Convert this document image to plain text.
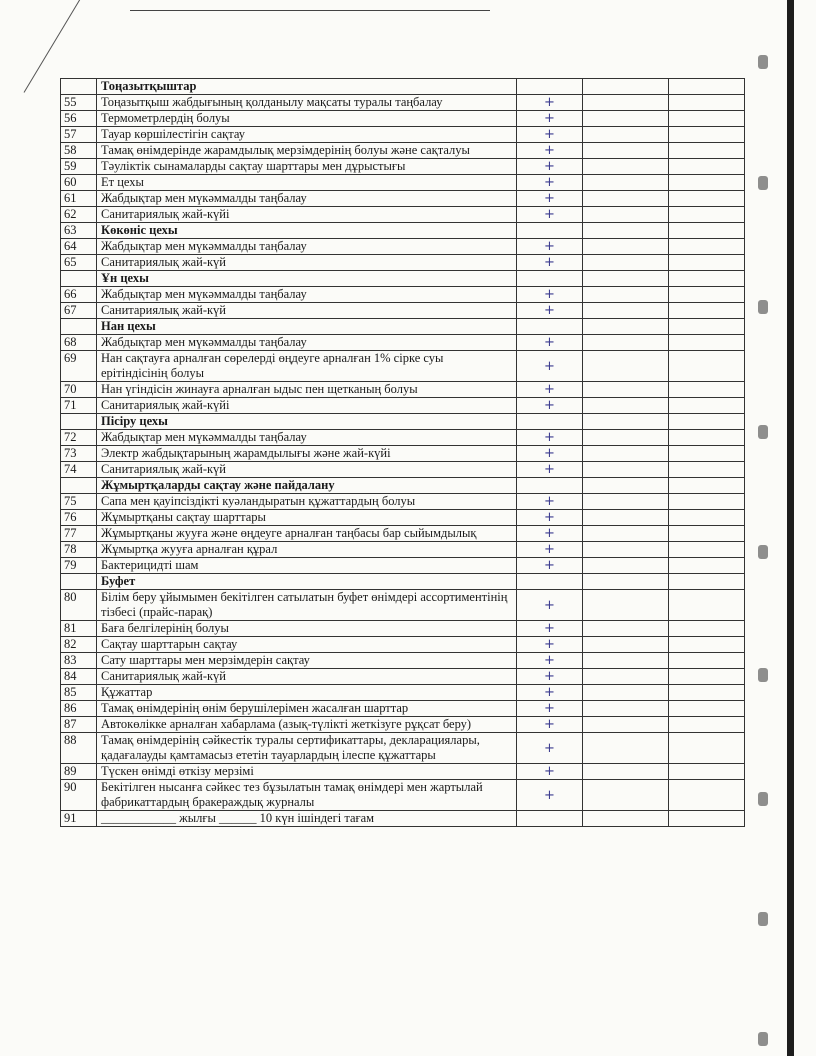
	Тоңазытқыштар			
55	Тоңазытқыш жабдығының қолданылу мақсаты туралы таңбалау	+		
56	Термометрлердің болуы	+		
57	Тауар көршілестігін сақтау	+		
58	Тамақ өнімдерінде жарамдылық мерзімдерінің болуы және сақталуы	+		
59	Тәуліктік сынамаларды сақтау шарттары мен дұрыстығы	+		
60	Ет цехы	+		
61	Жабдықтар мен мүкәммалды таңбалау	+		
62	Санитариялық жай-күйі	+		
63	Көкөніс цехы			
64	Жабдықтар мен мүкәммалды таңбалау	+		
65	Санитариялық жай-күй	+		
	Ұн цехы			
66	Жабдықтар мен мүкәммалды таңбалау	+		
67	Санитариялық жай-күй	+		
	Нан цехы			
68	Жабдықтар мен мүкәммалды таңбалау	+		
69	Нан сақтауға арналған сөрелерді өңдеуге арналған 1% сірке суы ерітіндісінің болуы	+		
70	Нан үгіндісін жинауға арналған ыдыс пен щетканың болуы	+		
71	Санитариялық жай-күйі	+		
	Пісіру цехы			
72	Жабдықтар мен мүкәммалды таңбалау	+		
73	Электр жабдықтарының жарамдылығы және жай-күйі	+		
74	Санитариялық жай-күй	+		
	Жұмыртқаларды сақтау және пайдалану			
75	Сапа мен қауіпсіздікті куәландыратын құжаттардың болуы	+		
76	Жұмыртқаны сақтау шарттары	+		
77	Жұмыртқаны жууға және өңдеуге арналған таңбасы бар сыйымдылық	+		
78	Жұмыртқа жууға арналған құрал	+		
79	Бактерицидті шам	+		
	Буфет			
80	Білім беру ұйымымен бекітілген сатылатын буфет өнімдері ассортиментінің тізбесі (прайс-парақ)	+		
81	Баға белгілерінің болуы	+		
82	Сақтау шарттарын сақтау	+		
83	Сату шарттары мен мерзімдерін сақтау	+		
84	Санитариялық жай-күй	+		
85	Құжаттар	+		
86	Тамақ өнімдерінің өнім берушілерімен жасалған шарттар	+		
87	Автокөлікке арналған хабарлама (азық-түлікті жеткізуге рұқсат беру)	+		
88	Тамақ өнімдерінің сәйкестік туралы сертификаттары, декларациялары, қадағалауды қамтамасыз ететін тауарлардың ілеспе құжаттары	+		
89	Түскен өнімді өткізу мерзімі	+		
90	Бекітілген нысанға сәйкес тез бұзылатын тамақ өнімдері мен жартылай фабрикаттардың бракераждық журналы	+		
91	____________ жылғы ______ 10 күн ішіндегі тағам			
